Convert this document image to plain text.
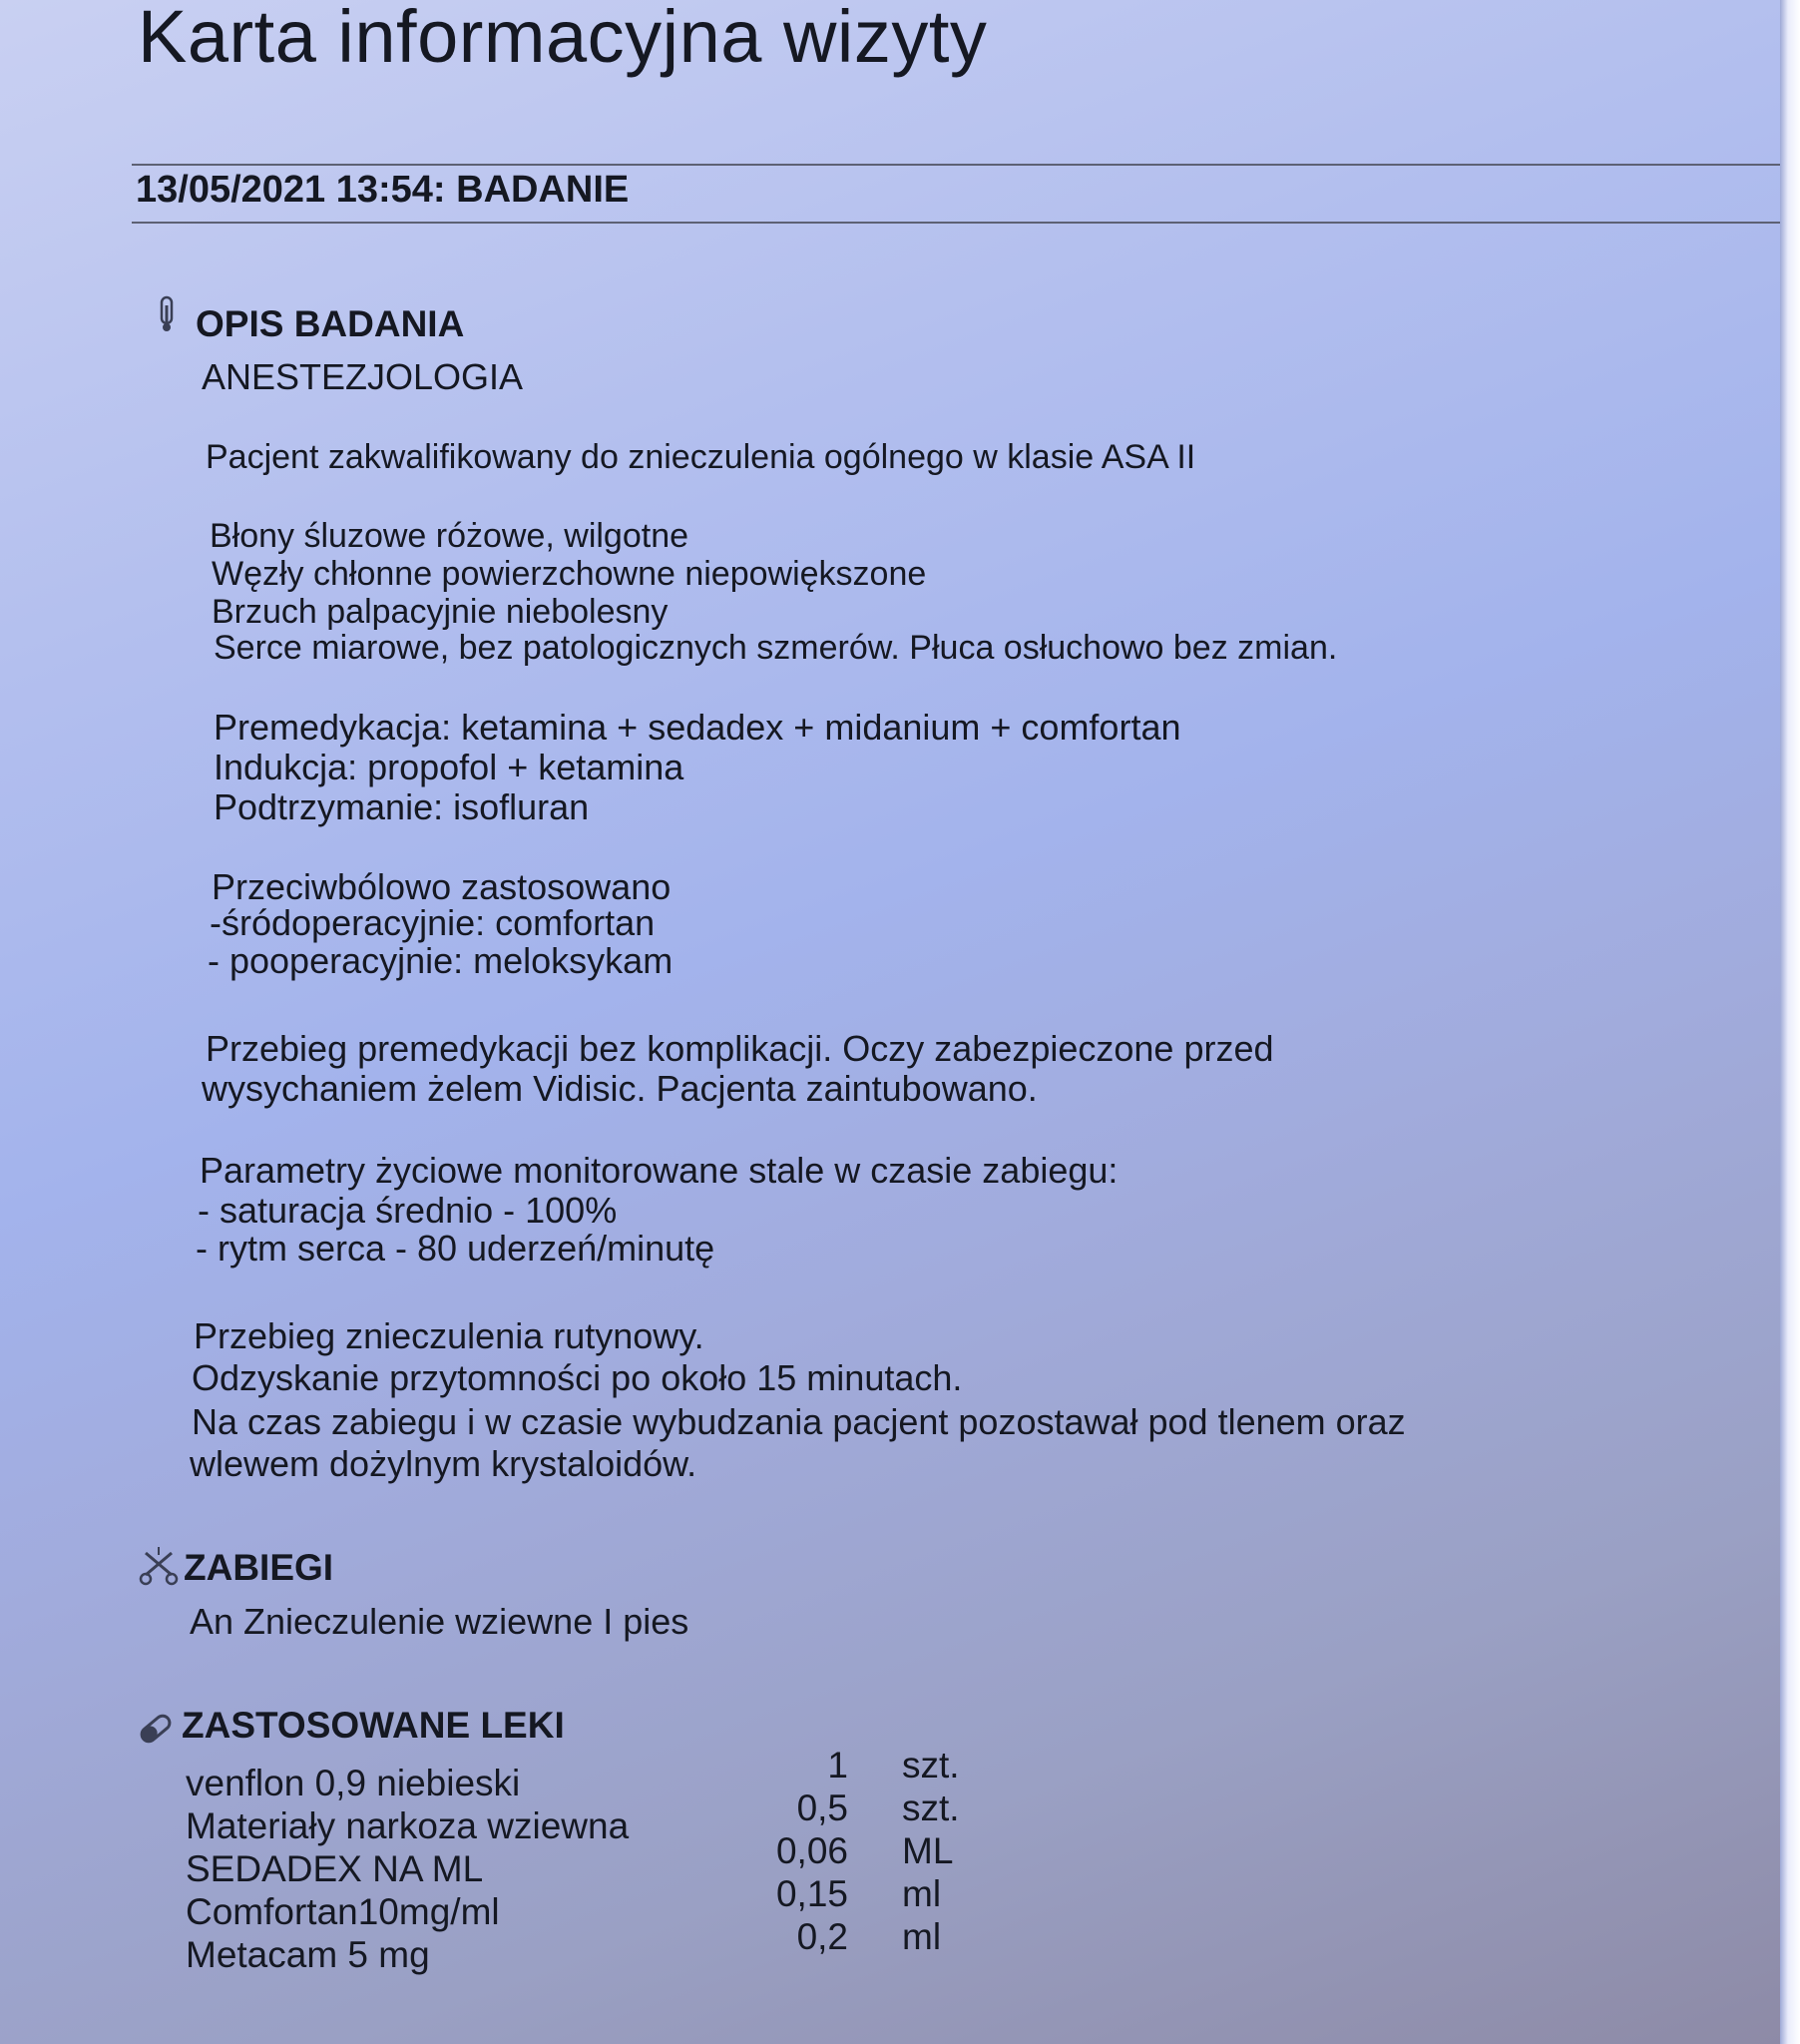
Karta informacyjna wizyty
13/05/2021 13:54: BADANIE
OPIS BADANIA
ANESTEZJOLOGIA
Pacjent zakwalifikowany do znieczulenia ogólnego w klasie ASA II
Błony śluzowe różowe, wilgotne
Węzły chłonne powierzchowne niepowiększone
Brzuch palpacyjnie niebolesny
Serce miarowe, bez patologicznych szmerów. Płuca osłuchowo bez zmian.
Premedykacja: ketamina + sedadex + midanium + comfortan
Indukcja: propofol + ketamina
Podtrzymanie: isofluran
Przeciwbólowo zastosowano
-śródoperacyjnie: comfortan
- pooperacyjnie: meloksykam
Przebieg premedykacji bez komplikacji. Oczy zabezpieczone przed
wysychaniem żelem Vidisic. Pacjenta zaintubowano.
Parametry życiowe monitorowane stale w czasie zabiegu:
- saturacja średnio - 100%
- rytm serca - 80 uderzeń/minutę
Przebieg znieczulenia rutynowy.
Odzyskanie przytomności po około 15 minutach.
Na czas zabiegu i w czasie wybudzania pacjent pozostawał pod tlenem oraz
wlewem dożylnym krystaloidów.
ZABIEGI
An Znieczulenie wziewne I pies
ZASTOSOWANE LEKI
venflon 0,9 niebieski	1 szt.
Materiały narkoza wziewna	0,5 szt.
SEDADEX NA ML	0,06 ML
Comfortan10mg/ml	0,15 ml
Metacam 5 mg	0,2 ml
